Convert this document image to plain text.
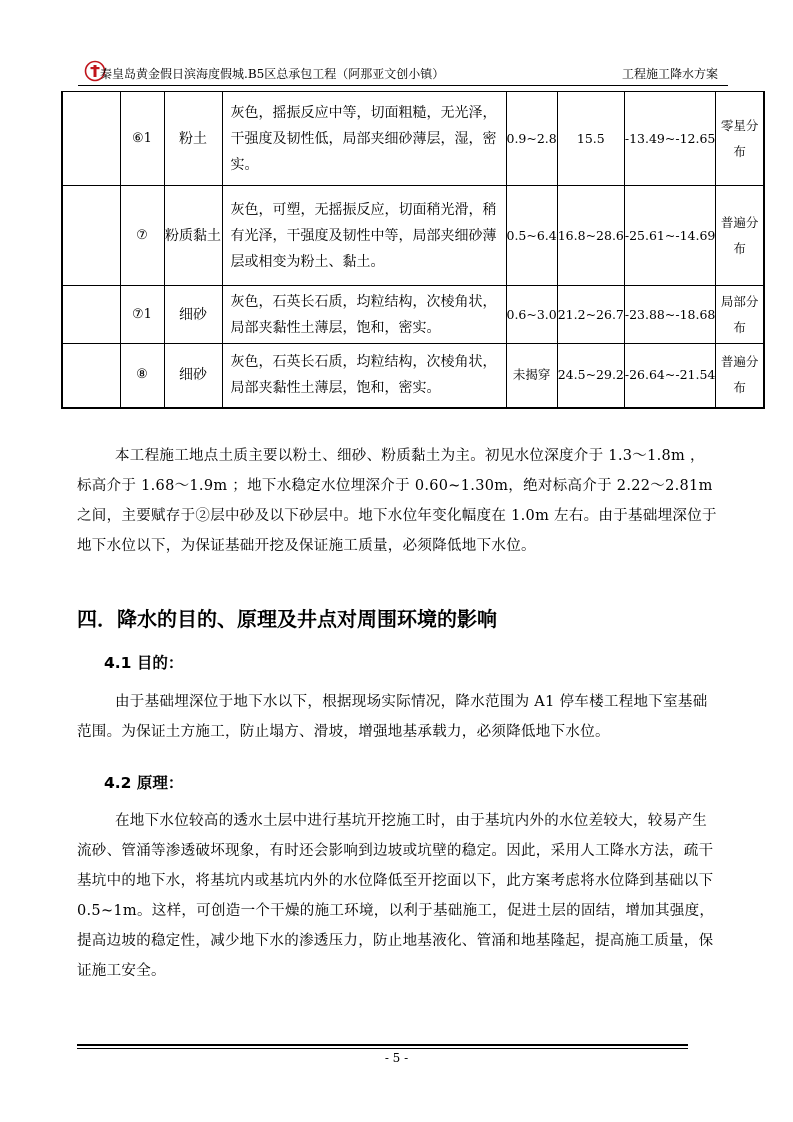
秦皇岛黄金假日滨海度假城.B5区总承包工程（阿那亚文创小镇）	工程施工降水方案
	⑥1	粉土	灰色，摇振反应中等，切面粗糙，无光泽，干强度及韧性低，局部夹细砂薄层，湿，密实。	0.9~2.8	15.5	-13.49~-12.65	零星分布
	⑦	粉质黏土	灰色，可塑，无摇振反应，切面稍光滑，稍有光泽，干强度及韧性中等，局部夹细砂薄层或相变为粉土、黏土。	0.5~6.4	16.8~28.6	-25.61~-14.69	普遍分布
	⑦1	细砂	灰色，石英长石质，均粒结构，次棱角状，局部夹黏性土薄层，饱和，密实。	0.6~3.0	21.2~26.7	-23.88~-18.68	局部分布
	⑧	细砂	灰色，石英长石质，均粒结构，次棱角状，局部夹黏性土薄层，饱和，密实。	未揭穿	24.5~29.2	-26.64~-21.54	普遍分布

本工程施工地点土质主要以粉土、细砂、粉质黏土为主。初见水位深度介于 1.3～1.8m ，标高介于 1.68～1.9m ；地下水稳定水位埋深介于 0.60~1.30m，绝对标高介于 2.22～2.81m 之间，主要赋存于②层中砂及以下砂层中。地下水位年变化幅度在 1.0m 左右。由于基础埋深位于地下水位以下，为保证基础开挖及保证施工质量，必须降低地下水位。

四．降水的目的、原理及井点对周围环境的影响
4.1 目的：

由于基础埋深位于地下水以下，根据现场实际情况，降水范围为 A1 停车楼工程地下室基础范围。为保证土方施工，防止塌方、滑坡，增强地基承载力，必须降低地下水位。

4.2 原理：

在地下水位较高的透水土层中进行基坑开挖施工时，由于基坑内外的水位差较大，较易产生流砂、管涌等渗透破坏现象，有时还会影响到边坡或坑壁的稳定。因此，采用人工降水方法，疏干基坑中的地下水，将基坑内或基坑内外的水位降低至开挖面以下，此方案考虑将水位降到基础以下 0.5~1m。这样，可创造一个干燥的施工环境，以利于基础施工，促进土层的固结，增加其强度，提高边坡的稳定性，减少地下水的渗透压力，防止地基液化、管涌和地基隆起，提高施工质量，保证施工安全。

- 5 -
